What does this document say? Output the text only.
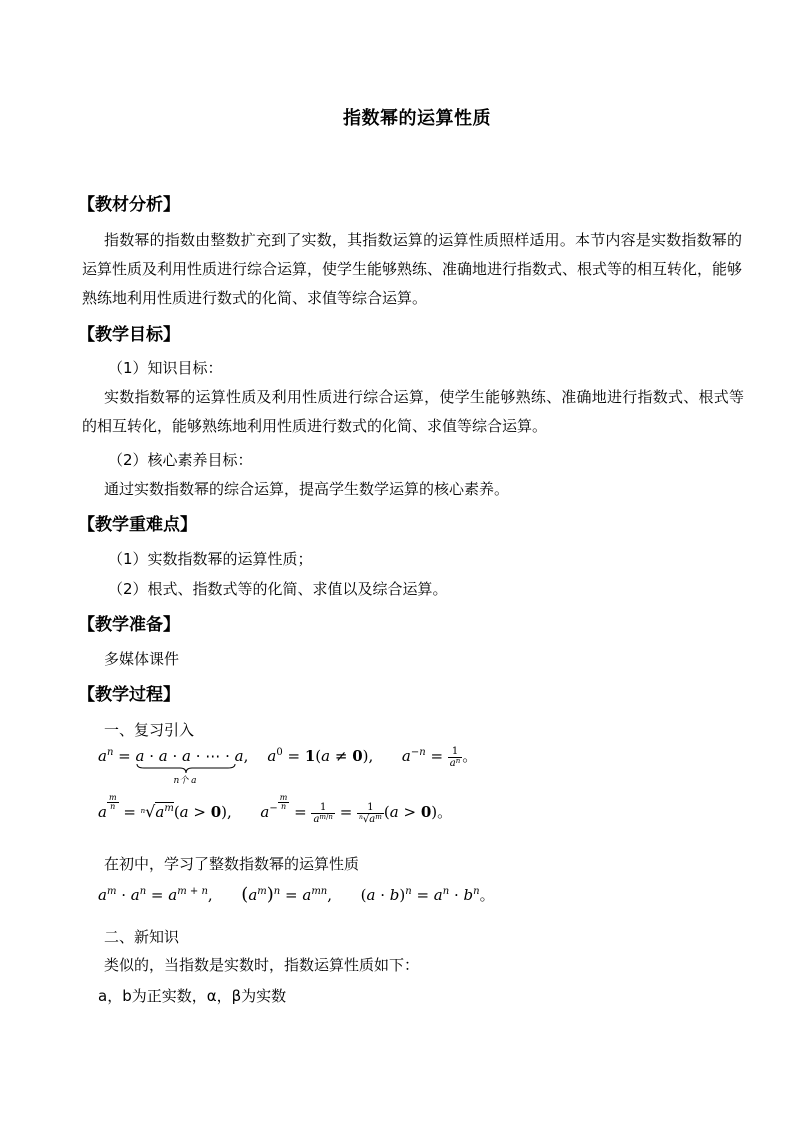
指数幂的运算性质
【教材分析】
指数幂的指数由整数扩充到了实数，其指数运算的运算性质照样适用。本节内容是实数指数幂的运算性质及利用性质进行综合运算，使学生能够熟练、准确地进行指数式、根式等的相互转化，能够熟练地利用性质进行数式的化简、求值等综合运算。
【教学目标】
（1）知识目标：
实数指数幂的运算性质及利用性质进行综合运算，使学生能够熟练、准确地进行指数式、根式等的相互转化，能够熟练地利用性质进行数式的化简、求值等综合运算。
（2）核心素养目标：
通过实数指数幂的综合运算，提高学生数学运算的核心素养。
【教学重难点】
（1）实数指数幂的运算性质；
（2）根式、指数式等的化简、求值以及综合运算。
【教学准备】
多媒体课件
【教学过程】
一、复习引入
$a^n = a \cdot a \cdot a$ · ⋯ · a
n个 a
,    $a^0 = 1(a \ne 0)$,      $a^{-n} = \frac{1}{a^n}$ 。
a
$^{\frac{m}{n}}$
= $^n√a^m(a > 0)$,      $a^{- \frac{m}{n}}$
= $\frac{1}{a^{m/n}} = \frac{1}{^n√a^m} (a > 0)$。
在初中，学习了整数指数幂的运算性质
$a^m \cdot a^n = a^{m + n}$,      $(a^m)^n = a^{mn}$,      $(a \cdot b)^n = a^n \cdot b^n$。
二、新知识
类似的，当指数是实数时，指数运算性质如下：
a，b为正实数，α，β为实数
